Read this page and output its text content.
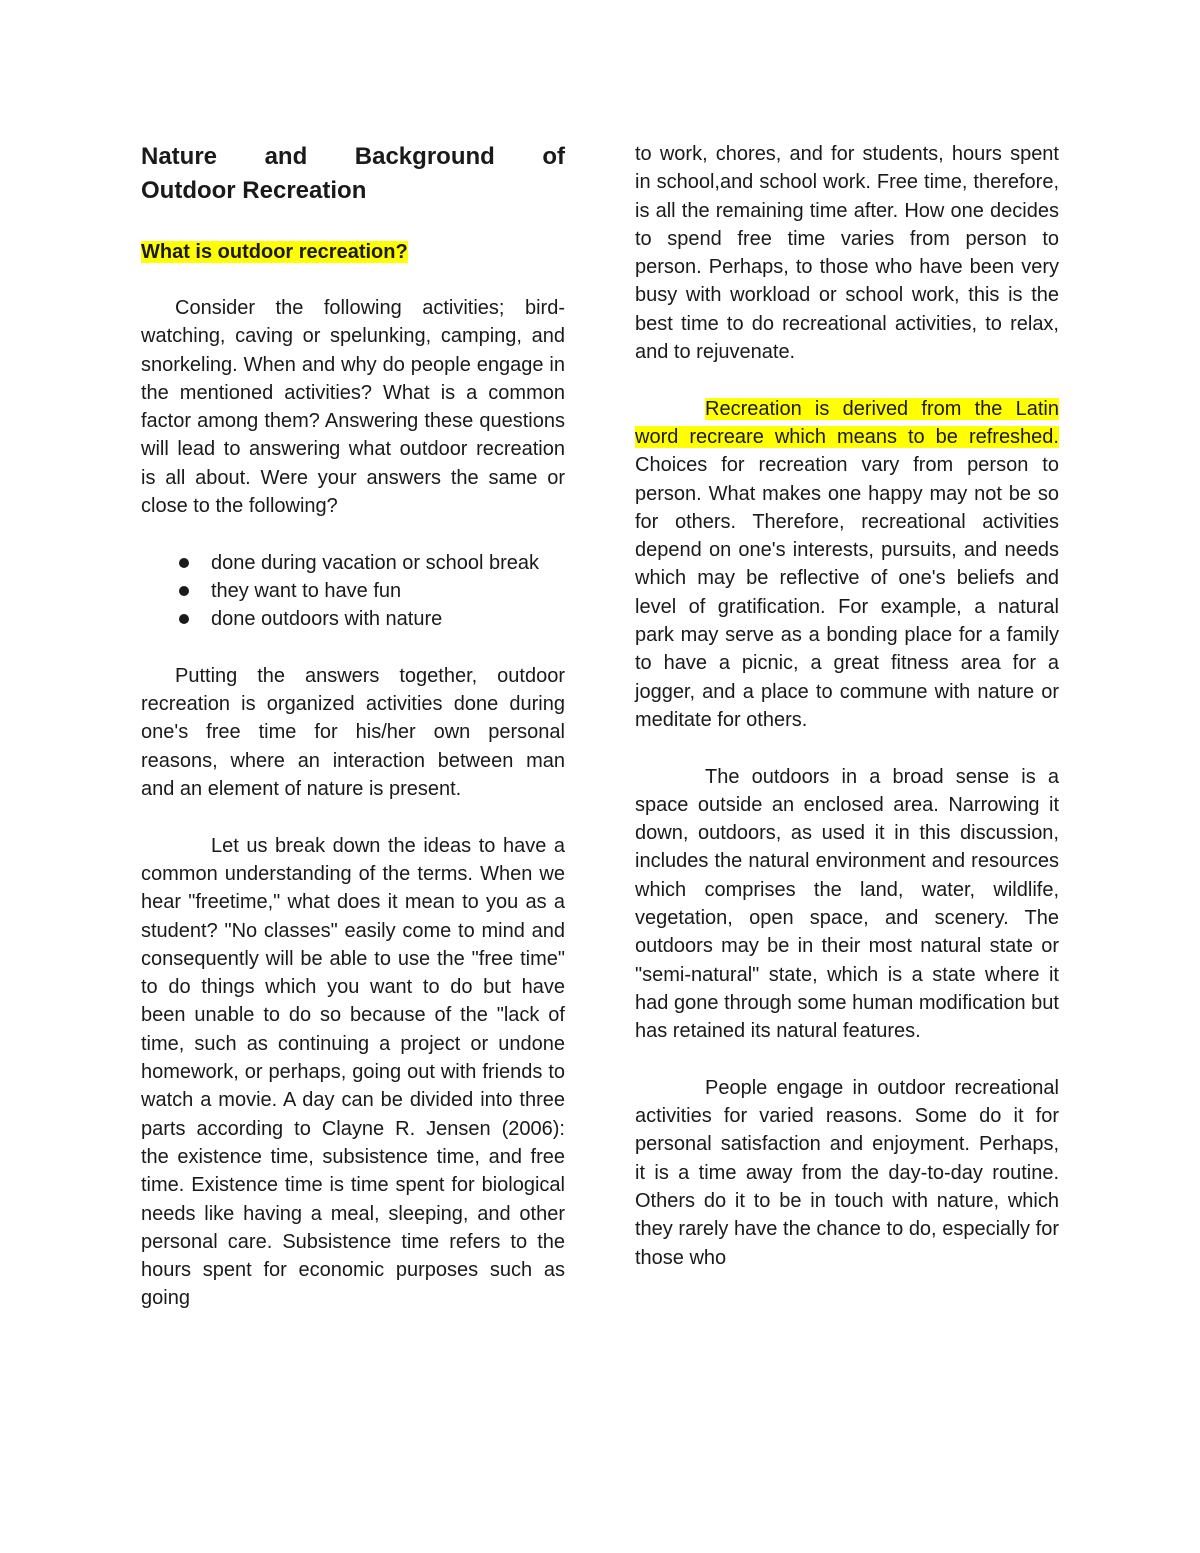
Nature and Background of
Outdoor Recreation
What is outdoor recreation?

Consider the following activities; bird-watching, caving or spelunking, camping, and snorkeling. When and why do people engage in the mentioned activities? What is a common factor among them? Answering these questions will lead to answering what outdoor recreation is all about. Were your answers the same or close to the following?

done during vacation or school break
they want to have fun
done outdoors with nature

Putting the answers together, outdoor recreation is organized activities done during one's free time for his/her own personal reasons, where an interaction between man and an element of nature is present.

Let us break down the ideas to have a common understanding of the terms. When we hear "freetime," what does it mean to you as a student? "No classes" easily come to mind and consequently will be able to use the "free time" to do things which you want to do but have been unable to do so because of the "lack of time, such as continuing a project or undone homework, or perhaps, going out with friends to watch a movie. A day can be divided into three parts according to Clayne R. Jensen (2006): the existence time, subsistence time, and free time. Existence time is time spent for biological needs like having a meal, sleeping, and other personal care. Subsistence time refers to the hours spent for economic purposes such as going

to work, chores, and for students, hours spent in school,and school work. Free time, therefore, is all the remaining time after. How one decides to spend free time varies from person to person. Perhaps, to those who have been very busy with workload or school work, this is the best time to do recreational activities, to relax, and to rejuvenate.

Recreation is derived from the Latin word recreare which means to be refreshed. Choices for recreation vary from person to person. What makes one happy may not be so for others. Therefore, recreational activities depend on one's interests, pursuits, and needs which may be reflective of one's beliefs and level of gratification. For example, a natural park may serve as a bonding place for a family to have a picnic, a great fitness area for a jogger, and a place to commune with nature or meditate for others.

The outdoors in a broad sense is a space outside an enclosed area. Narrowing it down, outdoors, as used it in this discussion, includes the natural environment and resources which comprises the land, water, wildlife, vegetation, open space, and scenery. The outdoors may be in their most natural state or "semi-natural" state, which is a state where it had gone through some human modification but has retained its natural features.

People engage in outdoor recreational activities for varied reasons. Some do it for personal satisfaction and enjoyment. Perhaps, it is a time away from the day-to-day routine. Others do it to be in touch with nature, which they rarely have the chance to do, especially for those who
